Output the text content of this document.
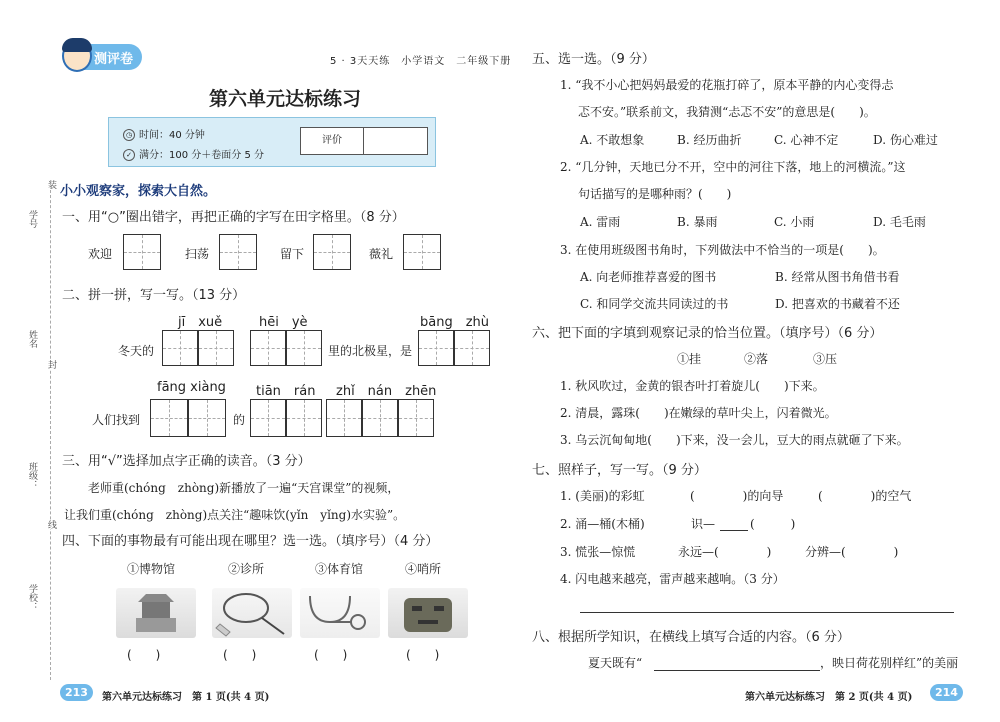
测评卷	5 · 3天天练　小学语文　二年级下册
第六单元达标练习
◷ 时间：40 分钟
✓ 满分：100 分＋卷面分 5 分
评价
学号
姓名
班级：
学校：
装
封
线
小小观察家，探索大自然。
一、用“○”圈出错字，再把正确的字写在田字格里。（8 分）
欢迎	扫荡	留下	薇礼
二、拼一拼，写一写。（13 分）
jī　xuě	hēi　yè	bāng　zhù
冬天的	里的北极星，是
fāng xiàng tiān　rán zhǐ　nán　zhēn
人们找到	的
三、用“√”选择加点字正确的读音。（3 分）
老师重(chóng　zhòng)新播放了一遍“天宫课堂”的视频，
让我们重(chóng　zhòng)点关注“趣味饮(yǐn　yǐng)水实验”。
四、下面的事物最有可能出现在哪里？选一选。（填序号）（4 分）
①博物馆	②诊所	③体育馆	④哨所
(　　)	(　　)	(　　)	(　　)
五、选一选。（9 分）
1. “我不小心把妈妈最爱的花瓶打碎了，原本平静的内心变得忐
忑不安。”联系前文，我猜测“忐忑不安”的意思是(　　)。
A. 不敢想象	B. 经历曲折	C. 心神不定	D. 伤心难过
2. “几分钟，天地已分不开，空中的河往下落，地上的河横流。”这
句话描写的是哪种雨？(　　)
A. 雷雨	B. 暴雨	C. 小雨	D. 毛毛雨
3. 在使用班级图书角时，下列做法中不恰当的一项是(　　)。
A. 向老师推荐喜爱的图书	B. 经常从图书角借书看
C. 和同学交流共同读过的书	D. 把喜欢的书藏着不还
六、把下面的字填到观察记录的恰当位置。（填序号）（6 分）
①挂	②落	③压
1. 秋风吹过，金黄的银杏叶打着旋儿(　　)下来。
2. 清晨，露珠(　　)在嫩绿的草叶尖上，闪着微光。
3. 乌云沉甸甸地(　　)下来，没一会儿，豆大的雨点就砸了下来。
七、照样子，写一写。（9 分）
1. (美丽)的彩虹	(　　　　)的向导	(　　　　)的空气
2. 涌—桶(木桶)	识—	(　　　)
3. 慌张—惊慌	永远—(　　　　)	分辨—(　　　　)
4. 闪电越来越亮，雷声越来越响。（3 分）
八、根据所学知识，在横线上填写合适的内容。（6 分）
夏天既有“	，映日荷花别样红”的美丽
213	第六单元达标练习　第 1 页(共 4 页)	第六单元达标练习　第 2 页(共 4 页)	214
